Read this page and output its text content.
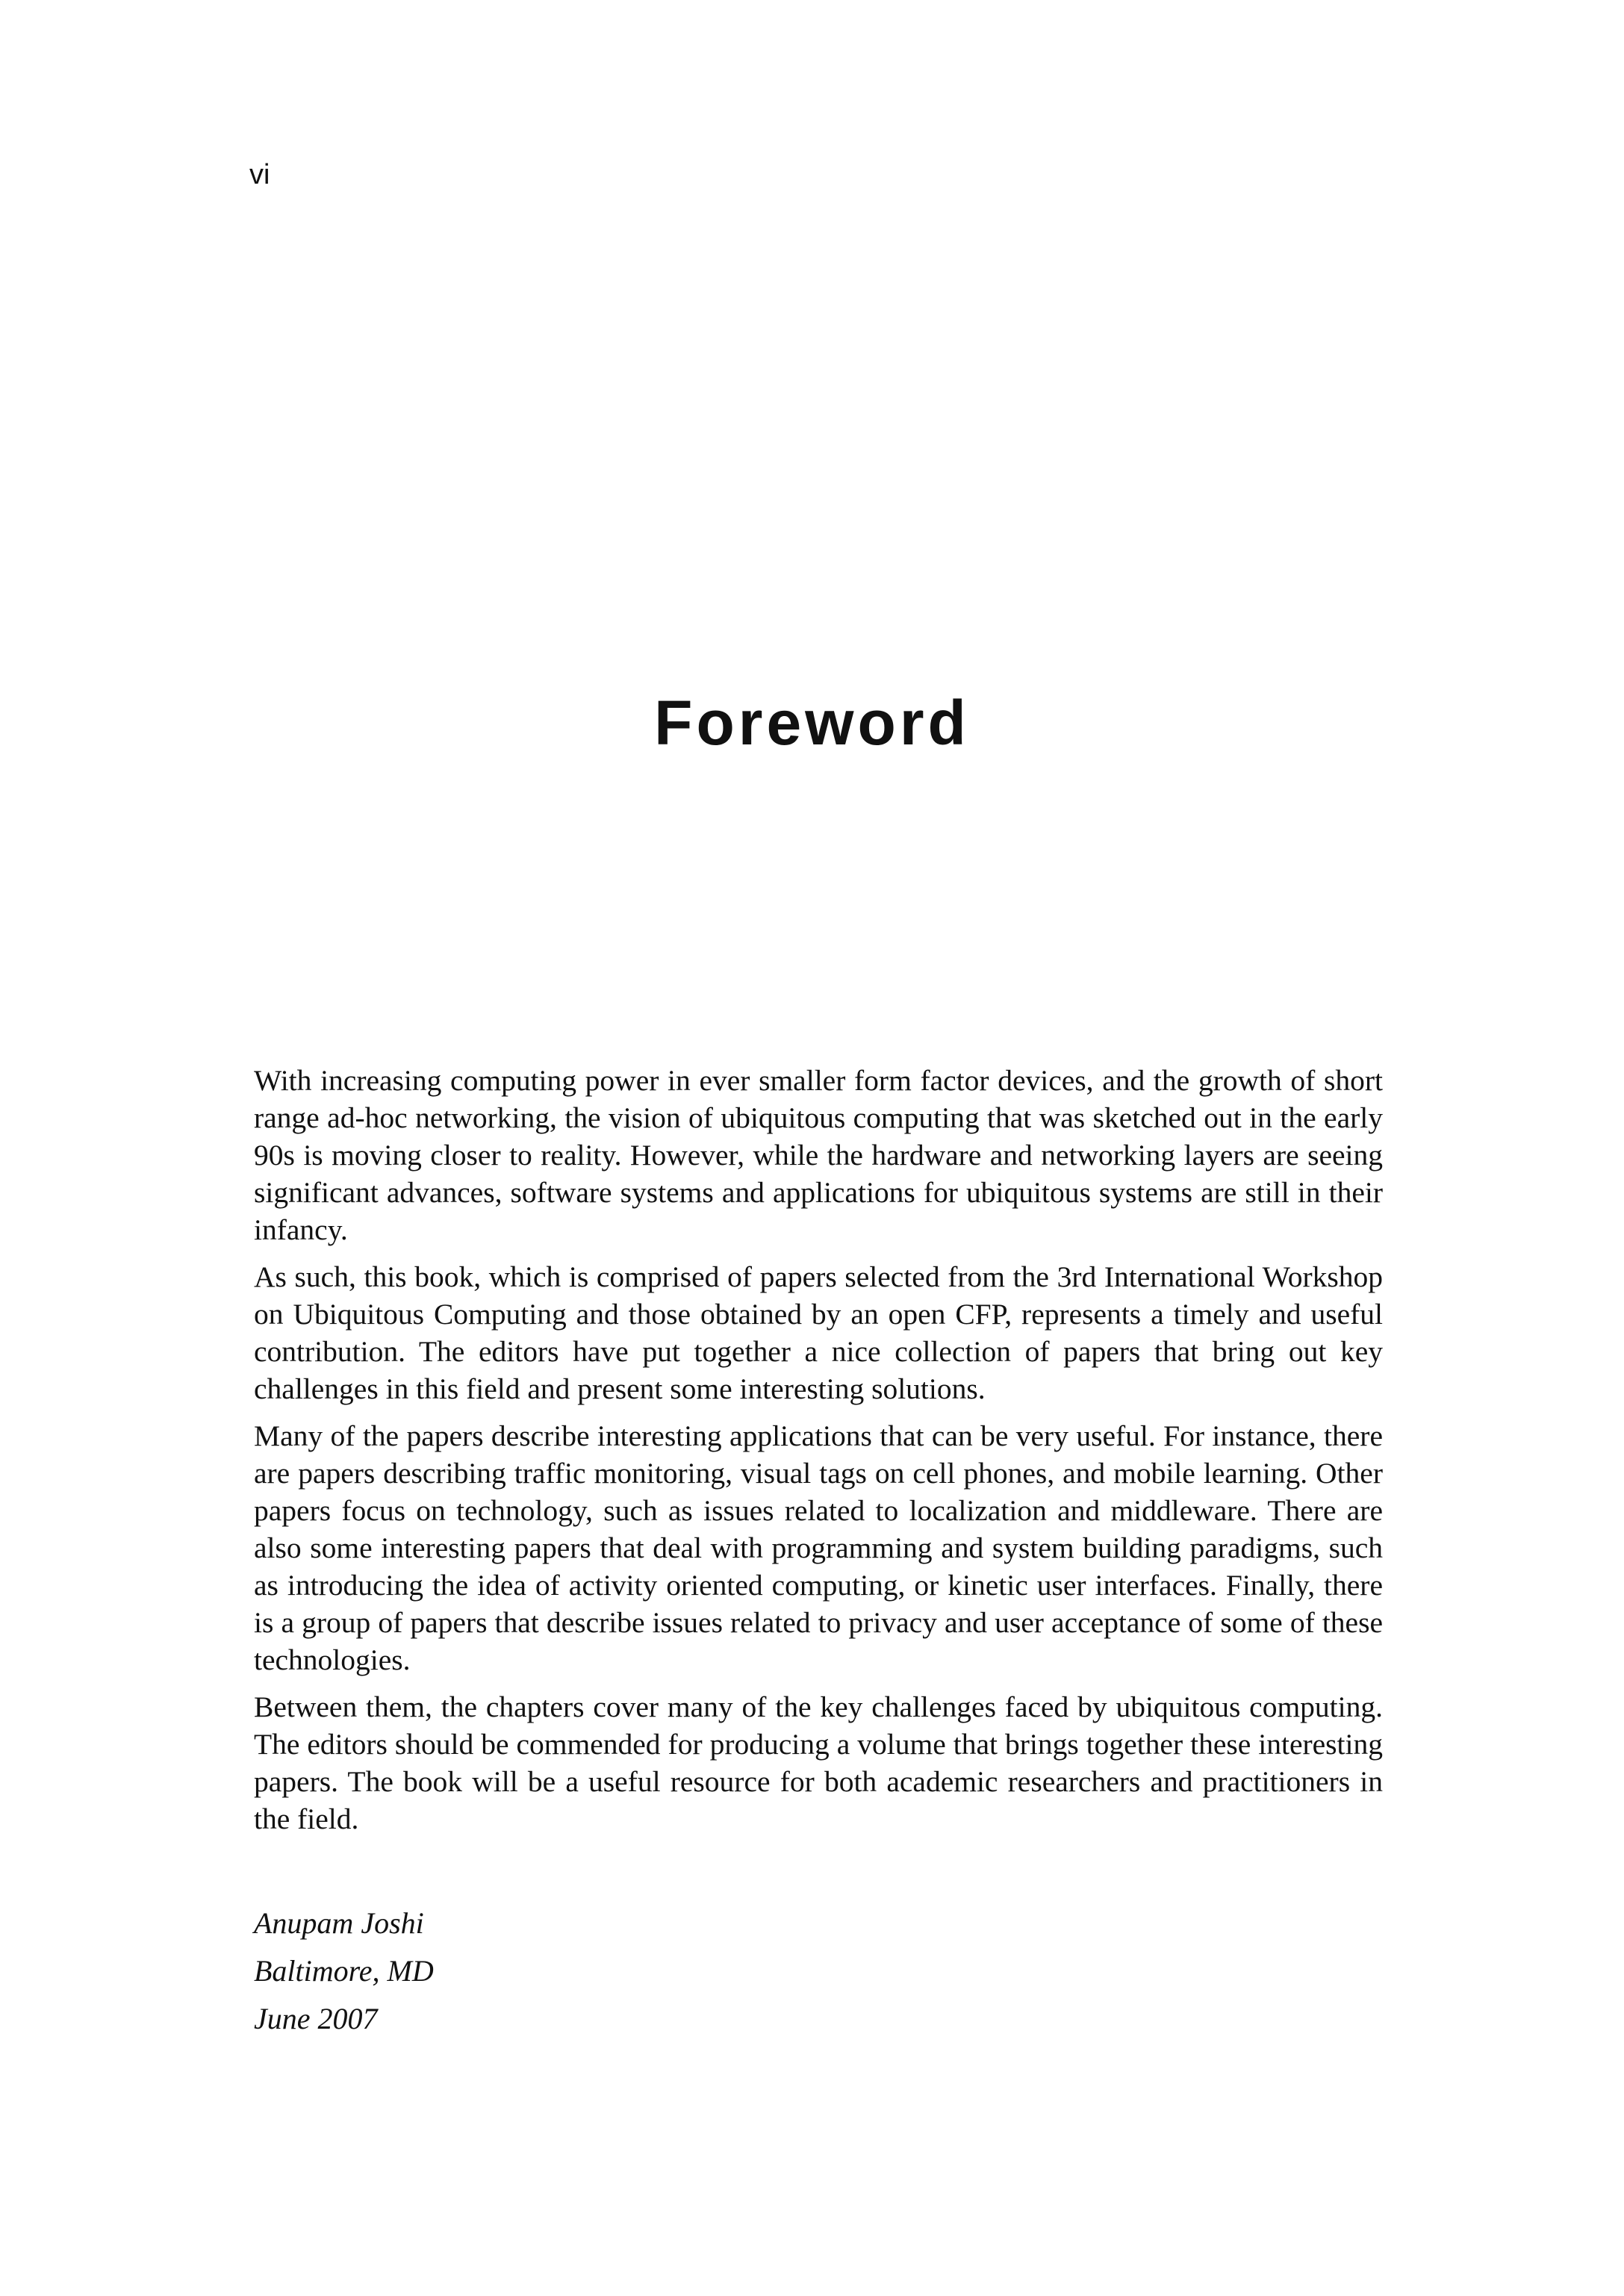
vi
Foreword

With increasing computing power in ever smaller form factor devices, and the growth of short range ad-hoc networking, the vision of ubiquitous computing that was sketched out in the early 90s is moving closer to reality. However, while the hardware and networking layers are seeing significant advances, software systems and applications for ubiquitous systems are still in their infancy.

As such, this book, which is comprised of papers selected from the 3rd International Workshop on Ubiquitous Computing and those obtained by an open CFP, represents a timely and useful contribution. The editors have put together a nice collection of papers that bring out key challenges in this field and present some interesting solutions.

Many of the papers describe interesting applications that can be very useful. For instance, there are papers describing traffic monitoring, visual tags on cell phones, and mobile learning. Other papers focus on technology, such as issues related to localization and middleware. There are also some interesting papers that deal with programming and system building paradigms, such as introducing the idea of activity oriented computing, or kinetic user interfaces. Finally, there is a group of papers that describe issues related to privacy and user acceptance of some of these technologies.

Between them, the chapters cover many of the key challenges faced by ubiquitous computing. The editors should be commended for producing a volume that brings together these interesting papers. The book will be a useful resource for both academic researchers and practitioners in the field.

Anupam Joshi
Baltimore, MD
June 2007
